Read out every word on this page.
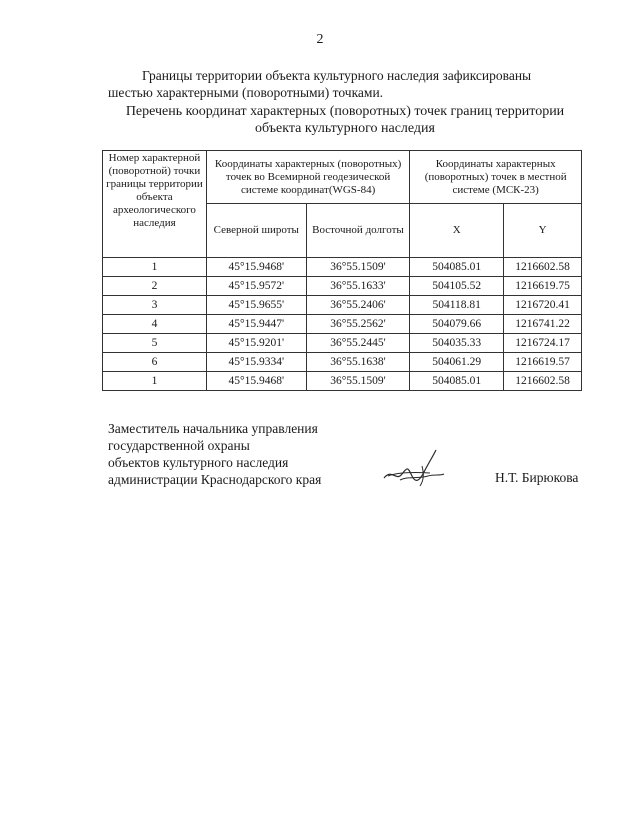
2
Границы территории объекта культурного наследия зафиксированы
шестью характерными (поворотными) точками.
Перечень координат характерных (поворотных) точек границ территории
объекта культурного наследия
Номер характерной (поворотной) точки границы территории объекта археологического наследия	Координаты характерных (поворотных) точек во Всемирной геодезической системе координат(WGS-84)		Координаты характерных (поворотных) точек в местной системе (МСК-23)	
	Северной широты	Восточной долготы	X	Y
1	45°15.9468'	36°55.1509'	504085.01	1216602.58
2	45°15.9572'	36°55.1633'	504105.52	1216619.75
3	45°15.9655'	36°55.2406'	504118.81	1216720.41
4	45°15.9447'	36°55.2562'	504079.66	1216741.22
5	45°15.9201'	36°55.2445'	504035.33	1216724.17
6	45°15.9334'	36°55.1638'	504061.29	1216619.57
1	45°15.9468'	36°55.1509'	504085.01	1216602.58
Заместитель начальника управления
государственной охраны
объектов культурного наследия
администрации Краснодарского края	Н.Т. Бирюкова
